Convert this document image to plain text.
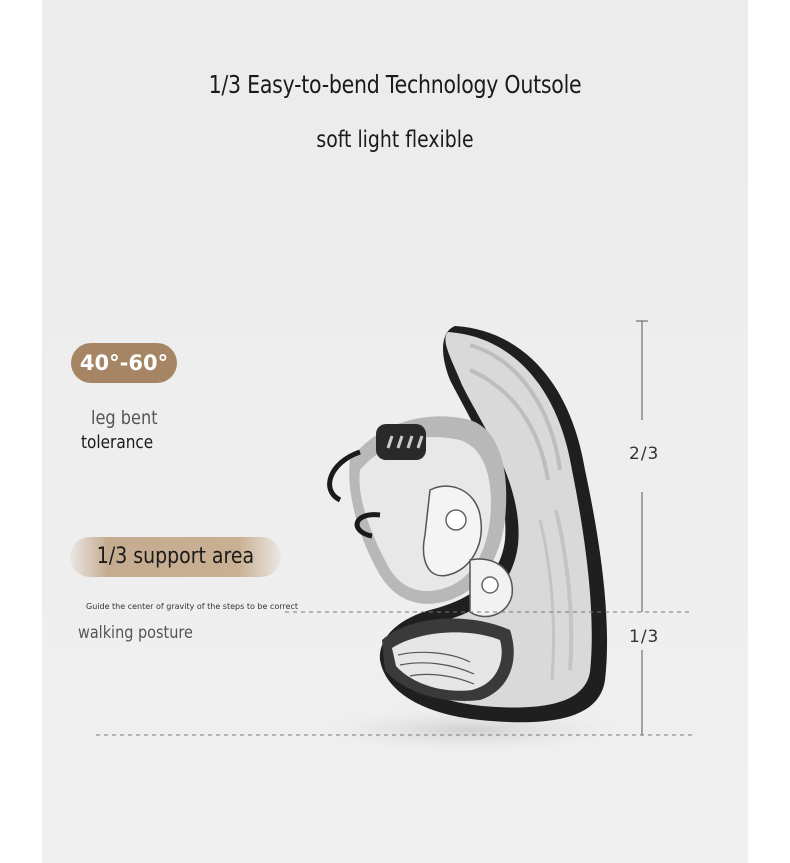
1/3 Easy-to-bend Technology Outsole
soft light flexible
2/3
1/3
40°-60°
leg bent
tolerance
1/3 support area
Guide the center of gravity of the steps to be correct
walking posture
